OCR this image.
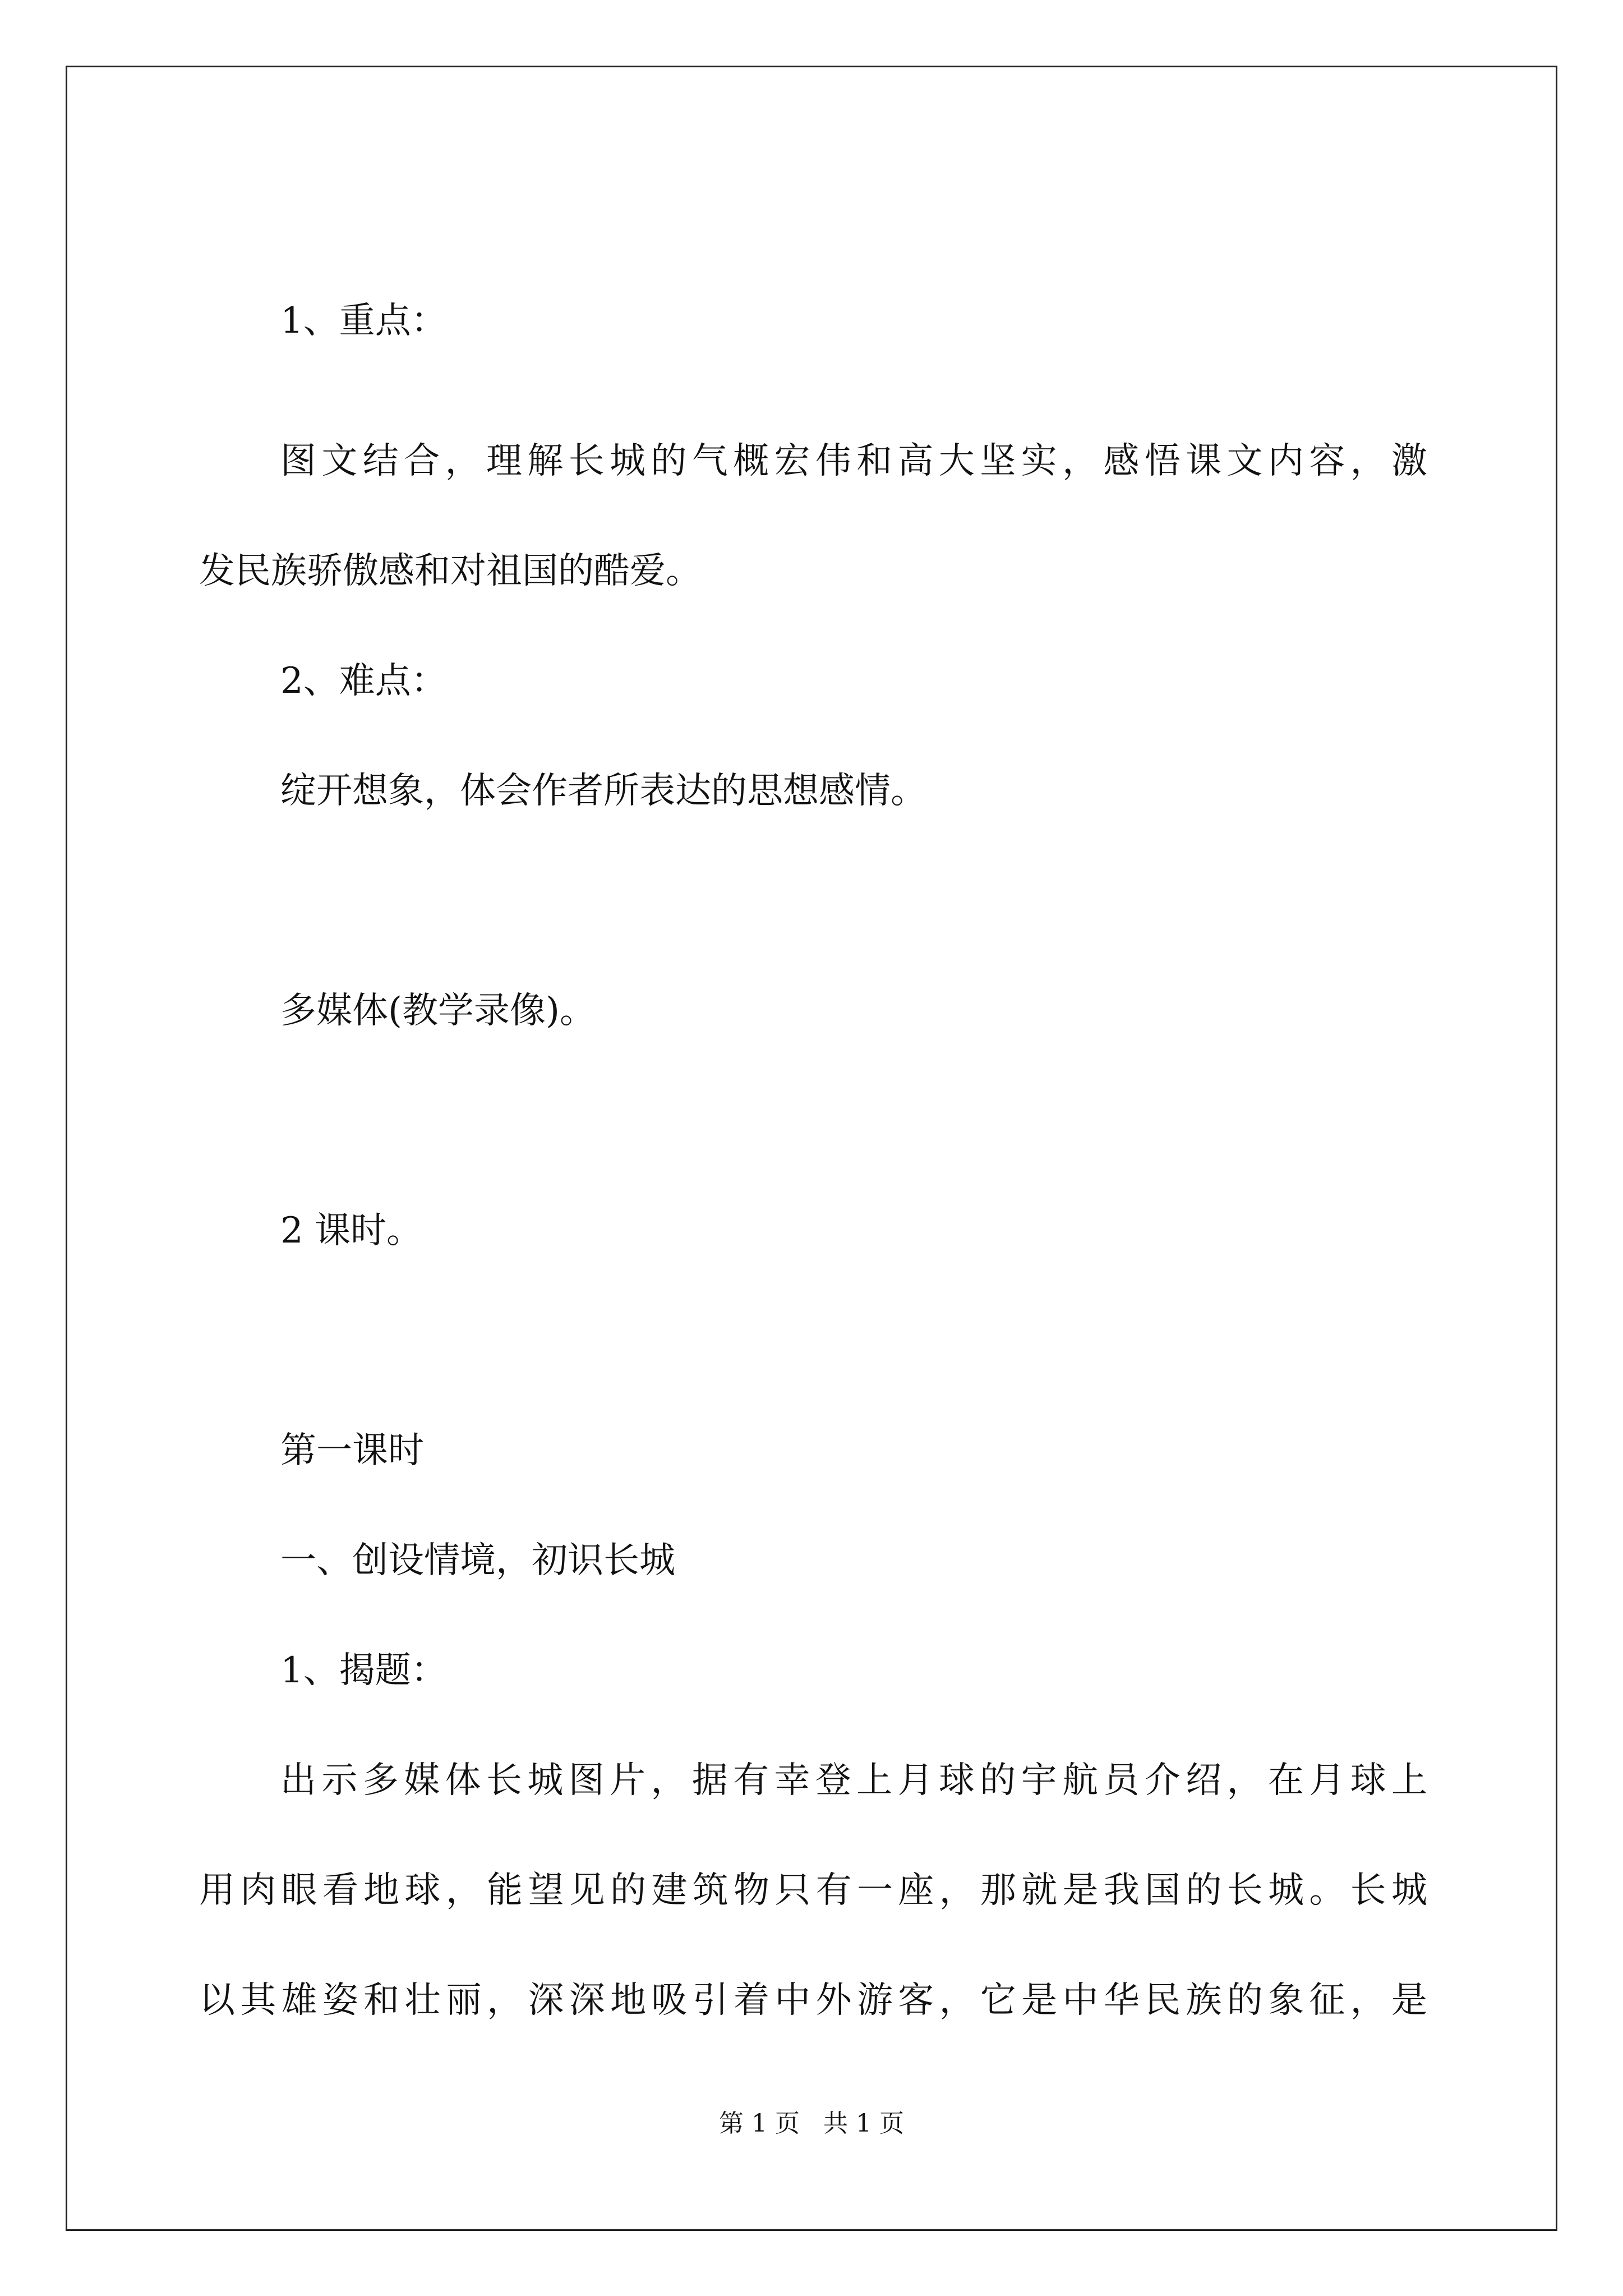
1、重点：
图文结合，理解长城的气概宏伟和高大坚实，感悟课文内容，激
发民族骄傲感和对祖国的酷爱。
2、难点：
绽开想象，体会作者所表达的思想感情。
多媒体(教学录像)。
2 课时。
第一课时
一、创设情境，初识长城
1、揭题：
出示多媒体长城图片，据有幸登上月球的宇航员介绍，在月球上
用肉眼看地球，能望见的建筑物只有一座，那就是我国的长城。长城
以其雄姿和壮丽，深深地吸引着中外游客，它是中华民族的象征，是
第 1 页 共 1 页
